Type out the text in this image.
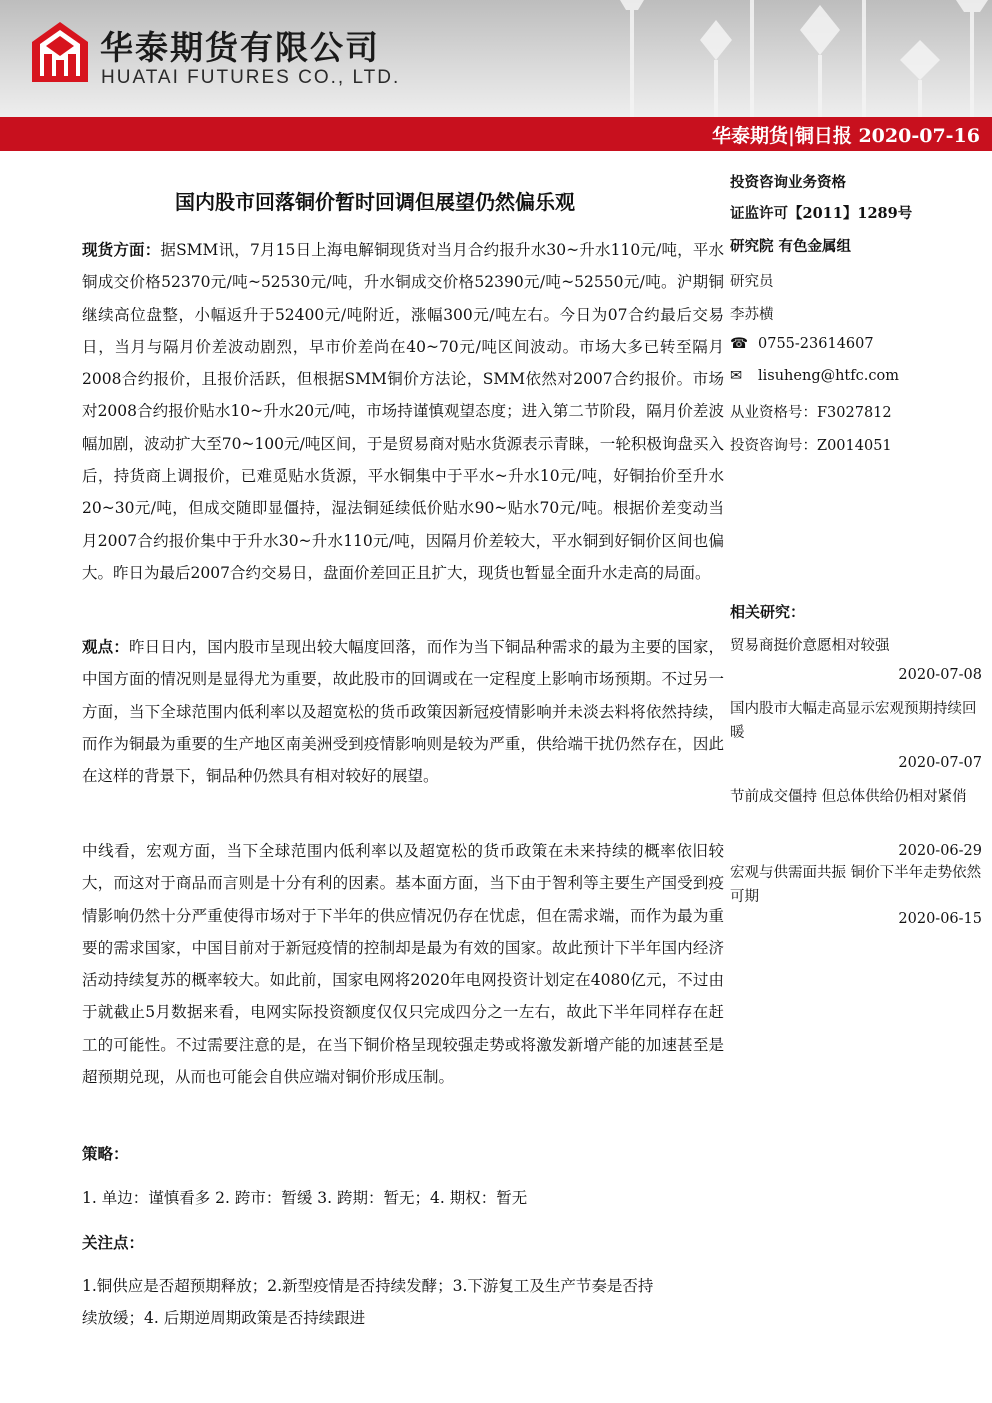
华泰期货有限公司
HUATAI FUTURES CO., LTD.
华泰期货|铜日报 2020-07-16
国内股市回落铜价暂时回调但展望仍然偏乐观
现货方面：据SMM讯，7月15日上海电解铜现货对当月合约报升水30~升水110元/吨，平水铜成交价格52370元/吨~52530元/吨，升水铜成交价格52390元/吨~52550元/吨。沪期铜继续高位盘整，小幅返升于52400元/吨附近，涨幅300元/吨左右。今日为07合约最后交易日，当月与隔月价差波动剧烈，早市价差尚在40~70元/吨区间波动。市场大多已转至隔月2008合约报价，且报价活跃，但根据SMM铜价方法论，SMM依然对2007合约报价。市场对2008合约报价贴水10~升水20元/吨，市场持谨慎观望态度；进入第二节阶段，隔月价差波幅加剧，波动扩大至70~100元/吨区间，于是贸易商对贴水货源表示青睐，一轮积极询盘买入后，持货商上调报价，已难觅贴水货源，平水铜集中于平水~升水10元/吨，好铜抬价至升水20~30元/吨，但成交随即显僵持，湿法铜延续低价贴水90~贴水70元/吨。根据价差变动当月2007合约报价集中于升水30~升水110元/吨，因隔月价差较大，平水铜到好铜价区间也偏大。昨日为最后2007合约交易日，盘面价差回正且扩大，现货也暂显全面升水走高的局面。
观点：昨日日内，国内股市呈现出较大幅度回落，而作为当下铜品种需求的最为主要的国家，中国方面的情况则是显得尤为重要，故此股市的回调或在一定程度上影响市场预期。不过另一方面，当下全球范围内低利率以及超宽松的货币政策因新冠疫情影响并未淡去料将依然持续，而作为铜最为重要的生产地区南美洲受到疫情影响则是较为严重，供给端干扰仍然存在，因此在这样的背景下，铜品种仍然具有相对较好的展望。
中线看，宏观方面，当下全球范围内低利率以及超宽松的货币政策在未来持续的概率依旧较大，而这对于商品而言则是十分有利的因素。基本面方面，当下由于智利等主要生产国受到疫情影响仍然十分严重使得市场对于下半年的供应情况仍存在忧虑，但在需求端，而作为最为重要的需求国家，中国目前对于新冠疫情的控制却是最为有效的国家。故此预计下半年国内经济活动持续复苏的概率较大。如此前，国家电网将2020年电网投资计划定在4080亿元，不过由于就截止5月数据来看，电网实际投资额度仅仅只完成四分之一左右，故此下半年同样存在赶工的可能性。不过需要注意的是，在当下铜价格呈现较强走势或将激发新增产能的加速甚至是超预期兑现，从而也可能会自供应端对铜价形成压制。
策略：
1. 单边：谨慎看多 2. 跨市：暂缓 3. 跨期：暂无；4. 期权：暂无
关注点：
1.铜供应是否超预期释放；2.新型疫情是否持续发酵；3.下游复工及生产节奏是否持
续放缓；4. 后期逆周期政策是否持续跟进
投资咨询业务资格
证监许可【2011】1289号
研究院 有色金属组
研究员
李苏横
☎ 0755-23614607
✉ lisuheng@htfc.com
从业资格号：F3027812
投资咨询号：Z0014051
相关研究：
贸易商挺价意愿相对较强
2020-07-08
国内股市大幅走高显示宏观预期持续回暖
2020-07-07
节前成交僵持 但总体供给仍相对紧俏
2020-06-29
宏观与供需面共振 铜价下半年走势依然可期
2020-06-15
